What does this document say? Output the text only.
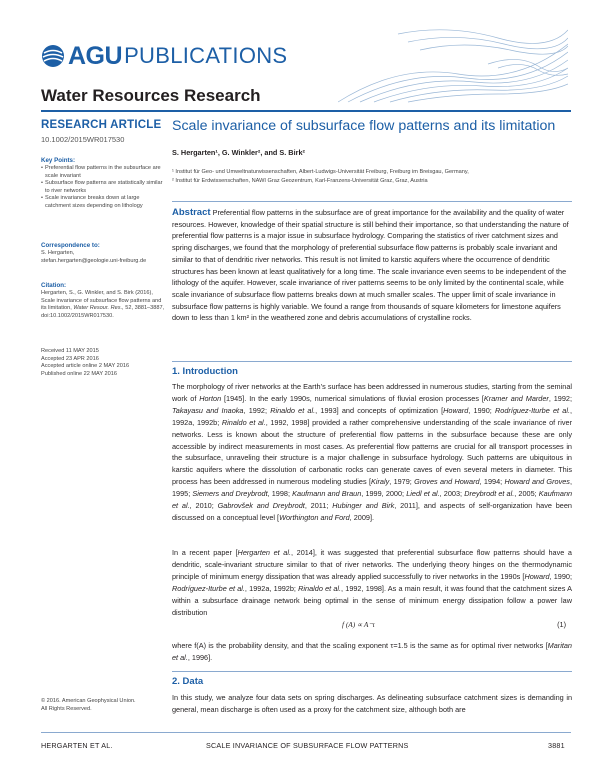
AGU PUBLICATIONS
Water Resources Research
RESEARCH ARTICLE
10.1002/2015WR017530
Key Points:
• Preferential flow patterns in the subsurface are scale invariant
• Subsurface flow patterns are statistically similar to river networks
• Scale invariance breaks down at large catchment sizes depending on lithology
Correspondence to:
S. Hergarten,
stefan.hergarten@geologie.uni-freiburg.de
Citation:
Hergarten, S., G. Winkler, and S. Birk (2016), Scale invariance of subsurface flow patterns and its limitation, Water Resour. Res., 52, 3881–3887, doi:10.1002/2015WR017530.
Received 11 MAY 2015
Accepted 23 APR 2016
Accepted article online 2 MAY 2016
Published online 22 MAY 2016
© 2016. American Geophysical Union.
All Rights Reserved.
Scale invariance of subsurface flow patterns and its limitation
S. Hergarten¹, G. Winkler², and S. Birk²
¹ Institut für Geo- und Umweltnaturwissenschaften, Albert-Ludwigs-Universität Freiburg, Freiburg im Breisgau, Germany,
² Institut für Erdwissenschaften, NAWI Graz Geozentrum, Karl-Franzens-Universität Graz, Graz, Austria
Abstract Preferential flow patterns in the subsurface are of great importance for the availability and the quality of water resources. However, knowledge of their spatial structure is still behind their importance, so that understanding the nature of preferential flow patterns is a major issue in subsurface hydrology. Comparing the statistics of river catchment sizes and spring discharges, we found that the morphology of preferential subsurface flow patterns is probably scale invariant and similar to that of dendritic river networks. This result is not limited to karstic aquifers where the occurrence of dendritic structures has been known at least qualitatively for a long time. The scale invariance even seems to be independent of the lithology of the aquifer. However, scale invariance of river patterns seems to be only limited by the continental scale, while scale invariance of subsurface flow patterns breaks down at much smaller scales. The upper limit of scale invariance in subsurface flow patterns is highly variable. We found a range from thousands of square kilometers for limestone aquifers down to less than 1 km² in the weathered zone and debris accumulations of crystalline rocks.
1. Introduction
The morphology of river networks at the Earth’s surface has been addressed in numerous studies, starting from the seminal work of Horton [1945]. In the early 1990s, numerical simulations of fluvial erosion processes [Kramer and Marder, 1992; Takayasu and Inaoka, 1992; Rinaldo et al., 1993] and concepts of optimization [Howard, 1990; Rodríguez-Iturbe et al., 1992a, 1992b; Rinaldo et al., 1992, 1998] provided a rather comprehensive understanding of the scale invariance of river networks. Less is known about the structure of preferential flow patterns in the subsurface because these are only accessible by indirect measurements in most cases. As preferential flow patterns are crucial for all transport processes in the subsurface, unraveling their structure is a major challenge in subsurface hydrology. Such patterns are ubiquitous in karstic aquifers where the dissolution of carbonatic rocks can generate caves of even several meters in diameter. This process has been addressed in numerous modeling studies [Kiraly, 1979; Groves and Howard, 1994; Howard and Groves, 1995; Siemers and Dreybrodt, 1998; Kaufmann and Braun, 1999, 2000; Liedl et al., 2003; Dreybrodt et al., 2005; Kaufmann et al., 2010; Gabrovšek and Dreybrodt, 2011; Hubinger and Birk, 2011], and aspects of self-organization have been discussed on a conceptual level [Worthington and Ford, 2009].
In a recent paper [Hergarten et al., 2014], it was suggested that preferential subsurface flow patterns should have a dendritic, scale-invariant structure similar to that of river networks. The underlying theory hinges on the thermodynamic principle of minimum energy dissipation that was already applied successfully to river networks in the 1990s [Howard, 1990; Rodríguez-Iturbe et al., 1992a, 1992b; Rinaldo et al., 1992, 1998]. As a main result, it was found that the catchment sizes A within a subsurface drainage network being optimal in the sense of minimum energy dissipation follow a power law distribution
f (A) ∝ A⁻τ	(1)
where f(A) is the probability density, and that the scaling exponent τ=1.5 is the same as for optimal river networks [Maritan et al., 1996].
2. Data
In this study, we analyze four data sets on spring discharges. As delineating subsurface catchment sizes is demanding in general, mean discharge is often used as a proxy for the catchment size, although both are
HERGARTEN ET AL.	SCALE INVARIANCE OF SUBSURFACE FLOW PATTERNS	3881
